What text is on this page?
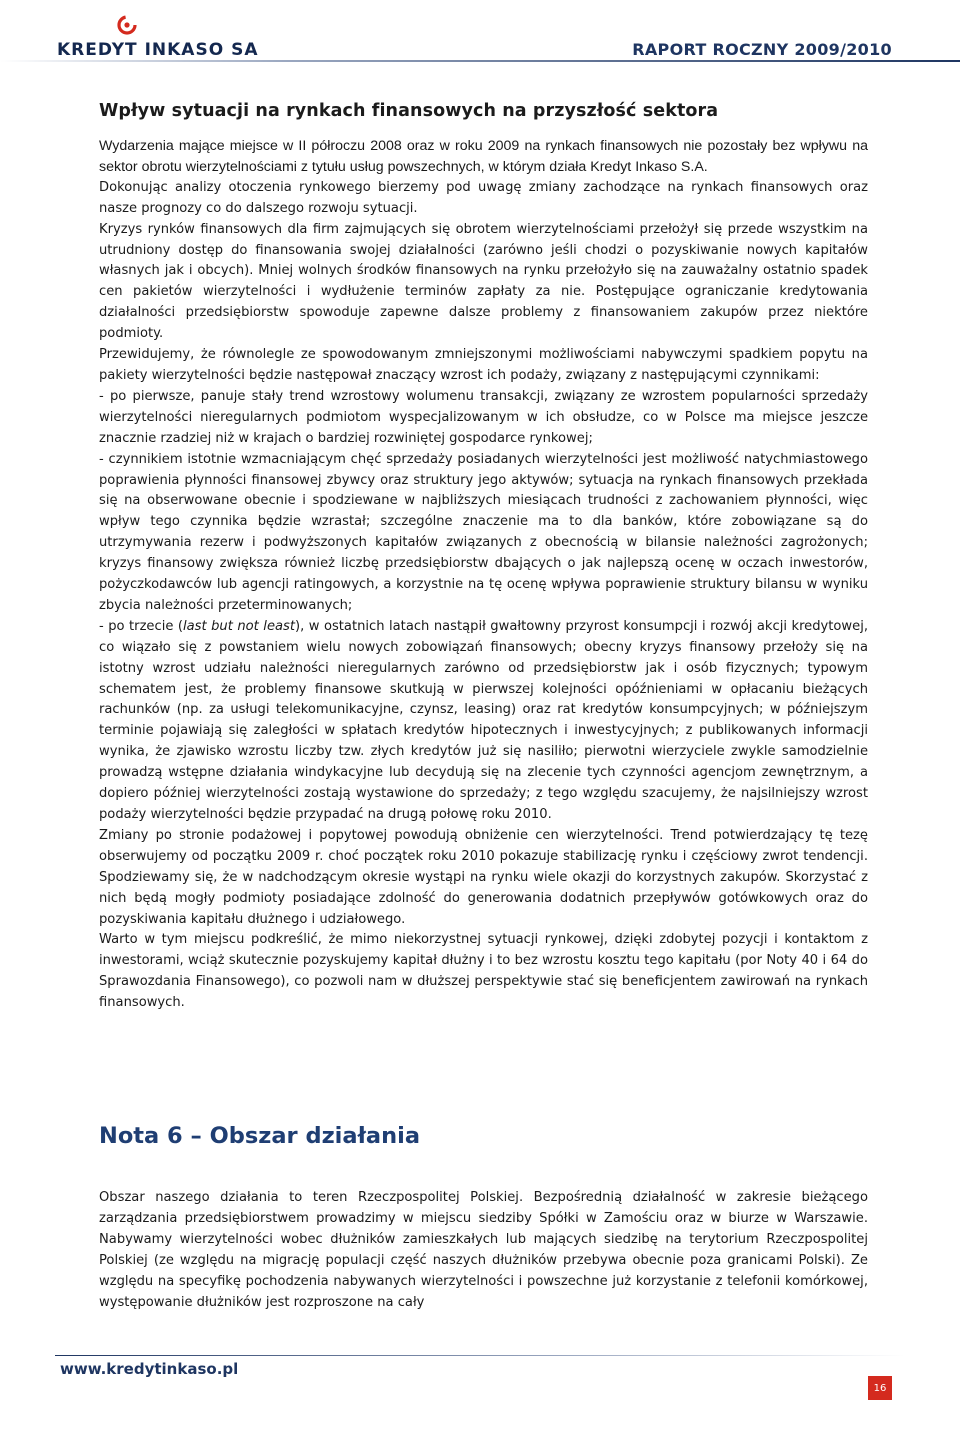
KREDYT INKASO SA	RAPORT ROCZNY 2009/2010
Wpływ sytuacji na rynkach finansowych na przyszłość sektora

Wydarzenia mające miejsce w II półroczu 2008 oraz w roku 2009 na rynkach finansowych nie pozostały bez wpływu na sektor obrotu wierzytelnościami z tytułu usług powszechnych, w którym działa Kredyt Inkaso S.A.

Dokonując analizy otoczenia rynkowego bierzemy pod uwagę zmiany zachodzące na rynkach finansowych oraz nasze prognozy co do dalszego rozwoju sytuacji.

Kryzys rynków finansowych dla firm zajmujących się obrotem wierzytelnościami przełożył się przede wszystkim na utrudniony dostęp do finansowania swojej działalności (zarówno jeśli chodzi o pozyskiwanie nowych kapitałów własnych jak i obcych). Mniej wolnych środków finansowych na rynku przełożyło się na zauważalny ostatnio spadek cen pakietów wierzytelności i wydłużenie terminów zapłaty za nie. Postępujące ograniczanie kredytowania działalności przedsiębiorstw spowoduje zapewne dalsze problemy z finansowaniem zakupów przez niektóre podmioty.

Przewidujemy, że równolegle ze spowodowanym zmniejszonymi możliwościami nabywczymi spadkiem popytu na pakiety wierzytelności będzie następował znaczący wzrost ich podaży, związany z następującymi czynnikami:

- po pierwsze, panuje stały trend wzrostowy wolumenu transakcji, związany ze wzrostem popularności sprzedaży wierzytelności nieregularnych podmiotom wyspecjalizowanym w ich obsłudze, co w Polsce ma miejsce jeszcze znacznie rzadziej niż w krajach o bardziej rozwiniętej gospodarce rynkowej;

- czynnikiem istotnie wzmacniającym chęć sprzedaży posiadanych wierzytelności jest możliwość natychmiastowego poprawienia płynności finansowej zbywcy oraz struktury jego aktywów; sytuacja na rynkach finansowych przekłada się na obserwowane obecnie i spodziewane w najbliższych miesiącach trudności z zachowaniem płynności, więc wpływ tego czynnika będzie wzrastał; szczególne znaczenie ma to dla banków, które zobowiązane są do utrzymywania rezerw i podwyższonych kapitałów związanych z obecnością w bilansie należności zagrożonych; kryzys finansowy zwiększa również liczbę przedsiębiorstw dbających o jak najlepszą ocenę w oczach inwestorów, pożyczkodawców lub agencji ratingowych, a korzystnie na tę ocenę wpływa poprawienie struktury bilansu w wyniku zbycia należności przeterminowanych;

- po trzecie (last but not least), w ostatnich latach nastąpił gwałtowny przyrost konsumpcji i rozwój akcji kredytowej, co wiązało się z powstaniem wielu nowych zobowiązań finansowych; obecny kryzys finansowy przełoży się na istotny wzrost udziału należności nieregularnych zarówno od przedsiębiorstw jak i osób fizycznych; typowym schematem jest, że problemy finansowe skutkują w pierwszej kolejności opóźnieniami w opłacaniu bieżących rachunków (np. za usługi telekomunikacyjne, czynsz, leasing) oraz rat kredytów konsumpcyjnych; w późniejszym terminie pojawiają się zaległości w spłatach kredytów hipotecznych i inwestycyjnych; z publikowanych informacji wynika, że zjawisko wzrostu liczby tzw. złych kredytów już się nasiliło; pierwotni wierzyciele zwykle samodzielnie prowadzą wstępne działania windykacyjne lub decydują się na zlecenie tych czynności agencjom zewnętrznym, a dopiero później wierzytelności zostają wystawione do sprzedaży; z tego względu szacujemy, że najsilniejszy wzrost podaży wierzytelności będzie przypadać na drugą połowę roku 2010.

Zmiany po stronie podażowej i popytowej powodują obniżenie cen wierzytelności. Trend potwierdzający tę tezę obserwujemy od początku 2009 r. choć początek roku 2010 pokazuje stabilizację rynku i częściowy zwrot tendencji. Spodziewamy się, że w nadchodzącym okresie wystąpi na rynku wiele okazji do korzystnych zakupów. Skorzystać z nich będą mogły podmioty posiadające zdolność do generowania dodatnich przepływów gotówkowych oraz do pozyskiwania kapitału dłużnego i udziałowego.

Warto w tym miejscu podkreślić, że mimo niekorzystnej sytuacji rynkowej, dzięki zdobytej pozycji i kontaktom z inwestorami, wciąż skutecznie pozyskujemy kapitał dłużny i to bez wzrostu kosztu tego kapitału (por Noty 40 i 64 do Sprawozdania Finansowego), co pozwoli nam w dłuższej perspektywie stać się beneficjentem zawirowań na rynkach finansowych.

Nota 6 – Obszar działania

Obszar naszego działania to teren Rzeczpospolitej Polskiej. Bezpośrednią działalność w zakresie bieżącego zarządzania przedsiębiorstwem prowadzimy w miejscu siedziby Spółki w Zamościu oraz w biurze w Warszawie. Nabywamy wierzytelności wobec dłużników zamieszkałych lub mających siedzibę na terytorium Rzeczpospolitej Polskiej (ze względu na migrację populacji część naszych dłużników przebywa obecnie poza granicami Polski). Ze względu na specyfikę pochodzenia nabywanych wierzytelności i powszechne już korzystanie z telefonii komórkowej, występowanie dłużników jest rozproszone na cały

www.kredytinkaso.pl
16
